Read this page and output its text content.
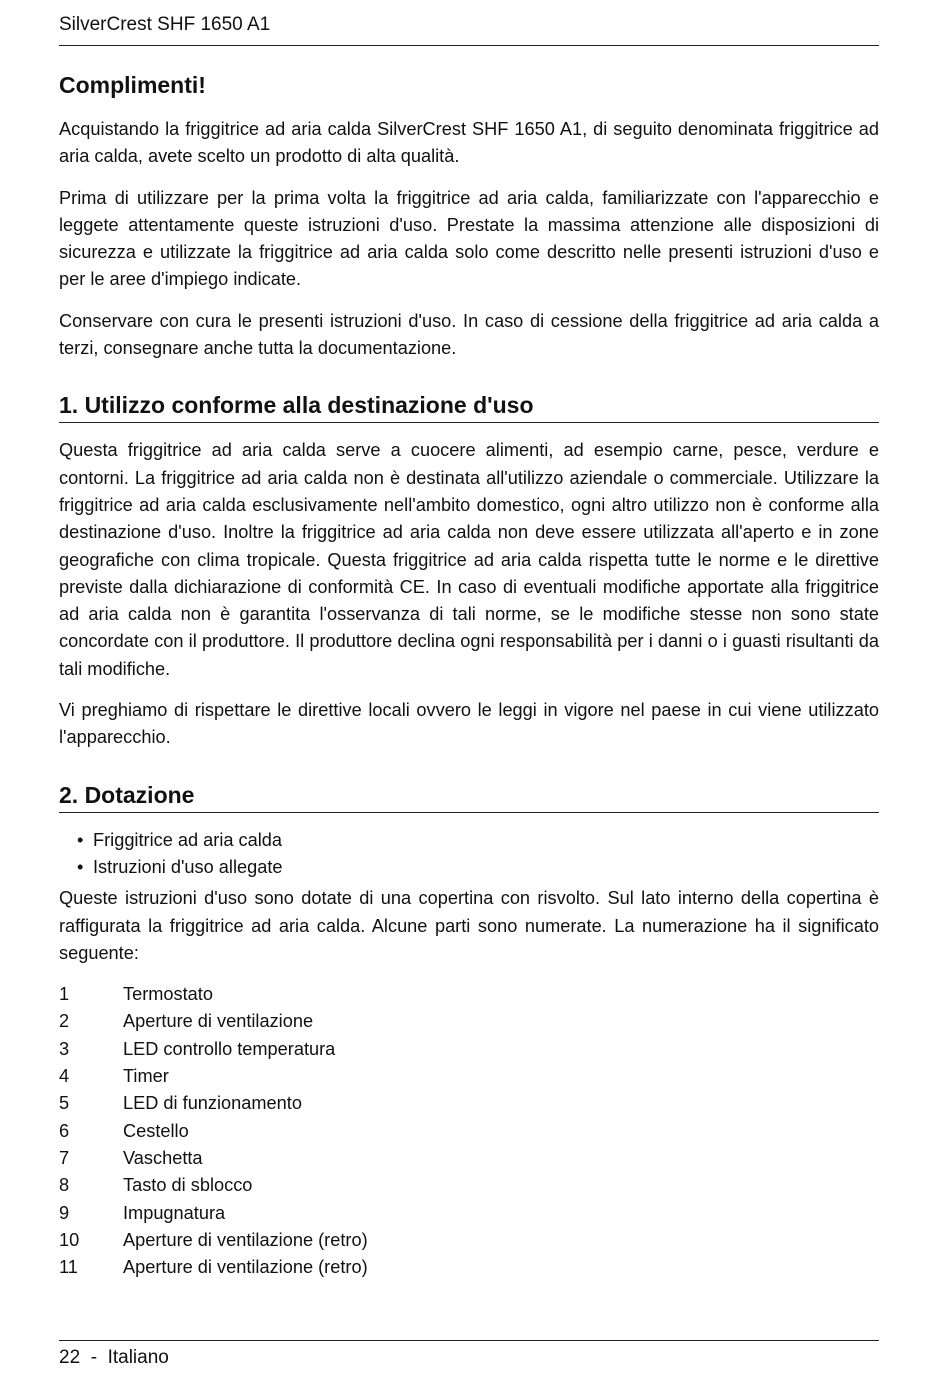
SilverCrest SHF 1650 A1
Complimenti!

Acquistando la friggitrice ad aria calda SilverCrest SHF 1650 A1, di seguito denominata friggitrice ad aria calda, avete scelto un prodotto di alta qualità.

Prima di utilizzare per la prima volta la friggitrice ad aria calda, familiarizzate con l'apparecchio e leggete attentamente queste istruzioni d'uso. Prestate la massima attenzione alle disposizioni di sicurezza e utilizzate la friggitrice ad aria calda solo come descritto nelle presenti istruzioni d'uso e per le aree d'impiego indicate.

Conservare con cura le presenti istruzioni d'uso. In caso di cessione della friggitrice ad aria calda a terzi, consegnare anche tutta la documentazione.

1. Utilizzo conforme alla destinazione d'uso

Questa friggitrice ad aria calda serve a cuocere alimenti, ad esempio carne, pesce, verdure e contorni. La friggitrice ad aria calda non è destinata all'utilizzo aziendale o commerciale. Utilizzare la friggitrice ad aria calda esclusivamente nell'ambito domestico, ogni altro utilizzo non è conforme alla destinazione d'uso. Inoltre la friggitrice ad aria calda non deve essere utilizzata all'aperto e in zone geografiche con clima tropicale. Questa friggitrice ad aria calda rispetta tutte le norme e le direttive previste dalla dichiarazione di conformità CE. In caso di eventuali modifiche apportate alla friggitrice ad aria calda non è garantita l'osservanza di tali norme, se le modifiche stesse non sono state concordate con il produttore. Il produttore declina ogni responsabilità per i danni o i guasti risultanti da tali modifiche.

Vi preghiamo di rispettare le direttive locali ovvero le leggi in vigore nel paese in cui viene utilizzato l'apparecchio.

2. Dotazione
• Friggitrice ad aria calda
• Istruzioni d'uso allegate

Queste istruzioni d'uso sono dotate di una copertina con risvolto. Sul lato interno della copertina è raffigurata la friggitrice ad aria calda. Alcune parti sono numerate. La numerazione ha il significato seguente:

1	Termostato
2	Aperture di ventilazione
3	LED controllo temperatura
4	Timer
5	LED di funzionamento
6	Cestello
7	Vaschetta
8	Tasto di sblocco
9	Impugnatura
10	Aperture di ventilazione (retro)
11	Aperture di ventilazione (retro)
22  -  Italiano
